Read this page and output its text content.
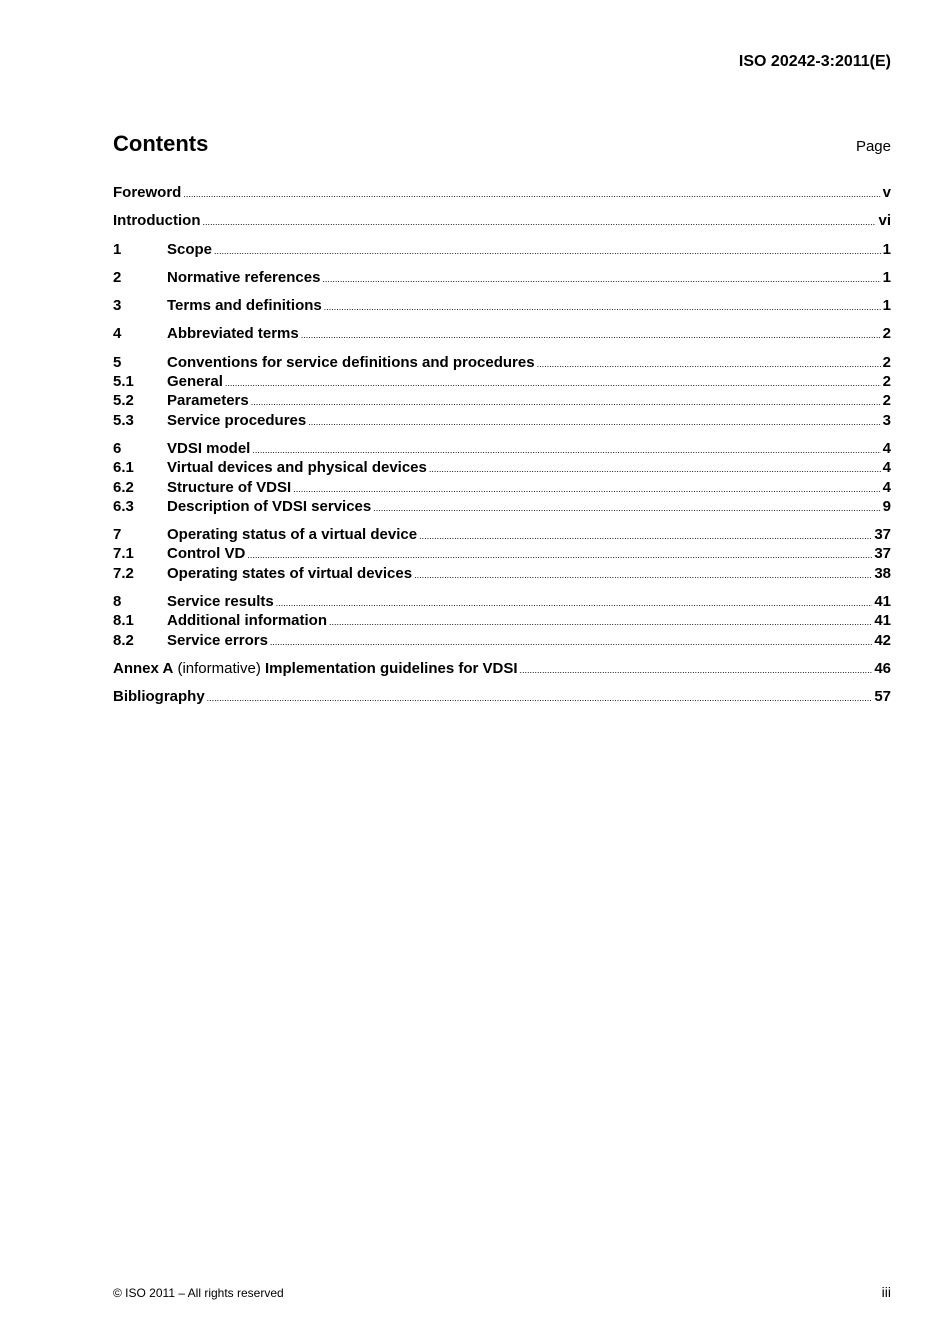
ISO 20242-3:2011(E)
Contents	Page
Foreword .....	v
Introduction .....	vi
1	Scope .....	1
2	Normative references .....	1
3	Terms and definitions .....	1
4	Abbreviated terms .....	2
5	Conventions for service definitions and procedures .....	2
5.1	General .....	2
5.2	Parameters .....	2
5.3	Service procedures .....	3
6	VDSI model .....	4
6.1	Virtual devices and physical devices .....	4
6.2	Structure of VDSI .....	4
6.3	Description of VDSI services .....	9
7	Operating status of a virtual device .....	37
7.1	Control VD .....	37
7.2	Operating states of virtual devices .....	38
8	Service results .....	41
8.1	Additional information .....	41
8.2	Service errors .....	42
Annex A (informative) Implementation guidelines for VDSI .....	46
Bibliography .....	57
© ISO 2011 – All rights reserved	iii
